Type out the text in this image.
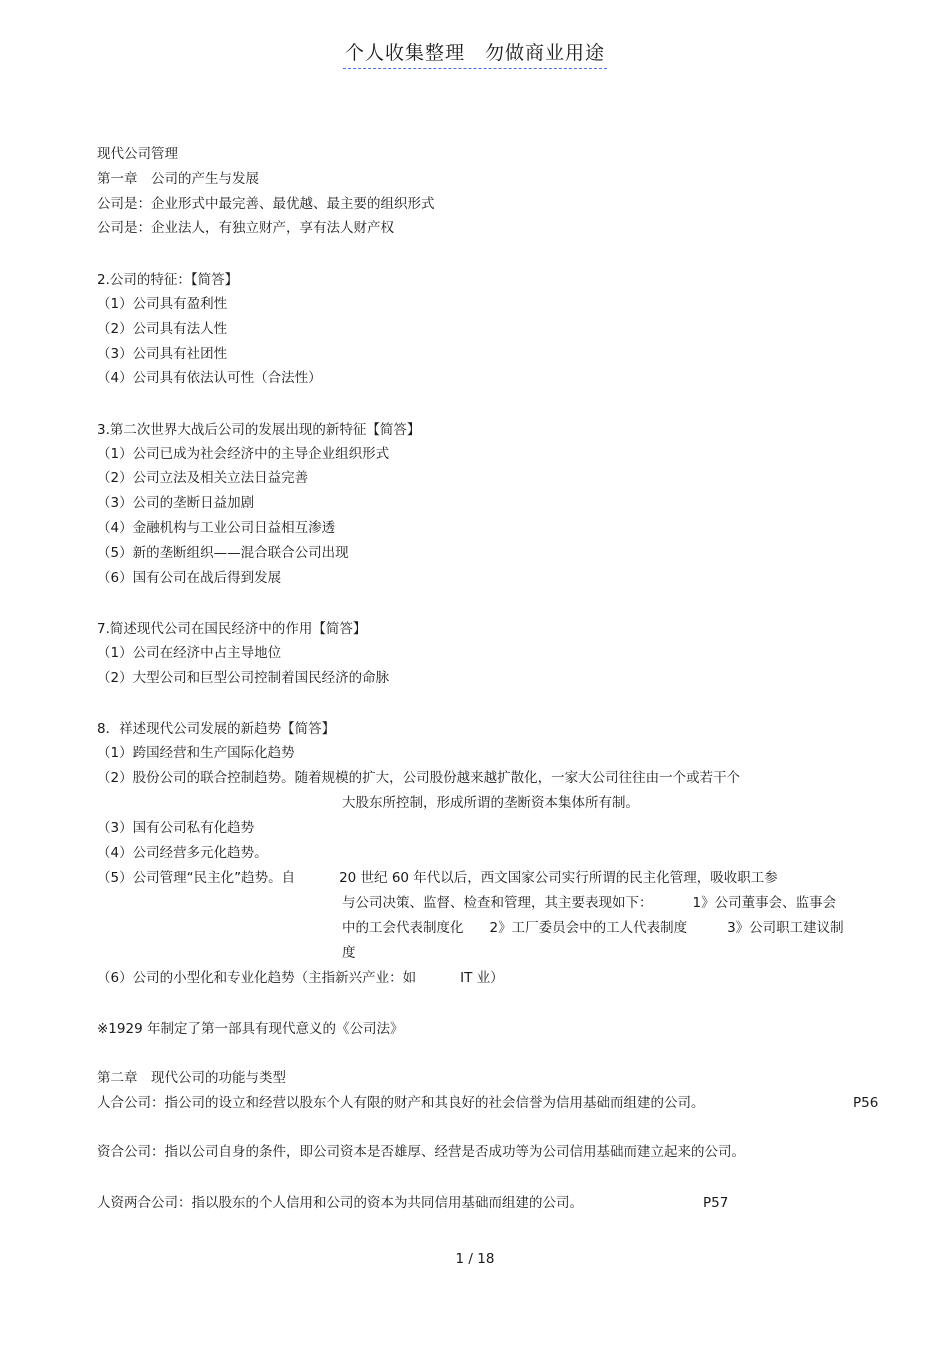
个人收集整理　勿做商业用途
现代公司管理
第一章　公司的产生与发展
公司是：企业形式中最完善、最优越、最主要的组织形式
公司是：企业法人，有独立财产，享有法人财产权
2.公司的特征：【简答】
（1）公司具有盈利性
（2）公司具有法人性
（3）公司具有社团性
（4）公司具有依法认可性（合法性）
3.第二次世界大战后公司的发展出现的新特征【简答】
（1）公司已成为社会经济中的主导企业组织形式
（2）公司立法及相关立法日益完善
（3）公司的垄断日益加剧
（4）金融机构与工业公司日益相互渗透
（5）新的垄断组织——混合联合公司出现
（6）国有公司在战后得到发展
7.简述现代公司在国民经济中的作用【简答】
（1）公司在经济中占主导地位
（2）大型公司和巨型公司控制着国民经济的命脉
8．祥述现代公司发展的新趋势【简答】
（1）跨国经营和生产国际化趋势
（2）股份公司的联合控制趋势。随着规模的扩大，公司股份越来越扩散化，一家大公司往往由一个或若干个
大股东所控制，形成所谓的垄断资本集体所有制。
（3）国有公司私有化趋势
（4）公司经营多元化趋势。
（5）公司管理“民主化”趋势。自	20 世纪 60 年代以后，西文国家公司实行所谓的民主化管理，吸收职工参
与公司决策、监督、检查和管理，其主要表现如下：	1》公司董事会、监事会
中的工会代表制度化 2》工厂委员会中的工人代表制度	3》公司职工建议制
度
（6）公司的小型化和专业化趋势（主指新兴产业：如	IT 业）
※1929 年制定了第一部具有现代意义的《公司法》
第二章　现代公司的功能与类型
人合公司：指公司的设立和经营以股东个人有限的财产和其良好的社会信誉为信用基础而组建的公司。	P56
资合公司：指以公司自身的条件，即公司资本是否雄厚、经营是否成功等为公司信用基础而建立起来的公司。
人资两合公司：指以股东的个人信用和公司的资本为共同信用基础而组建的公司。	P57
1 / 18
